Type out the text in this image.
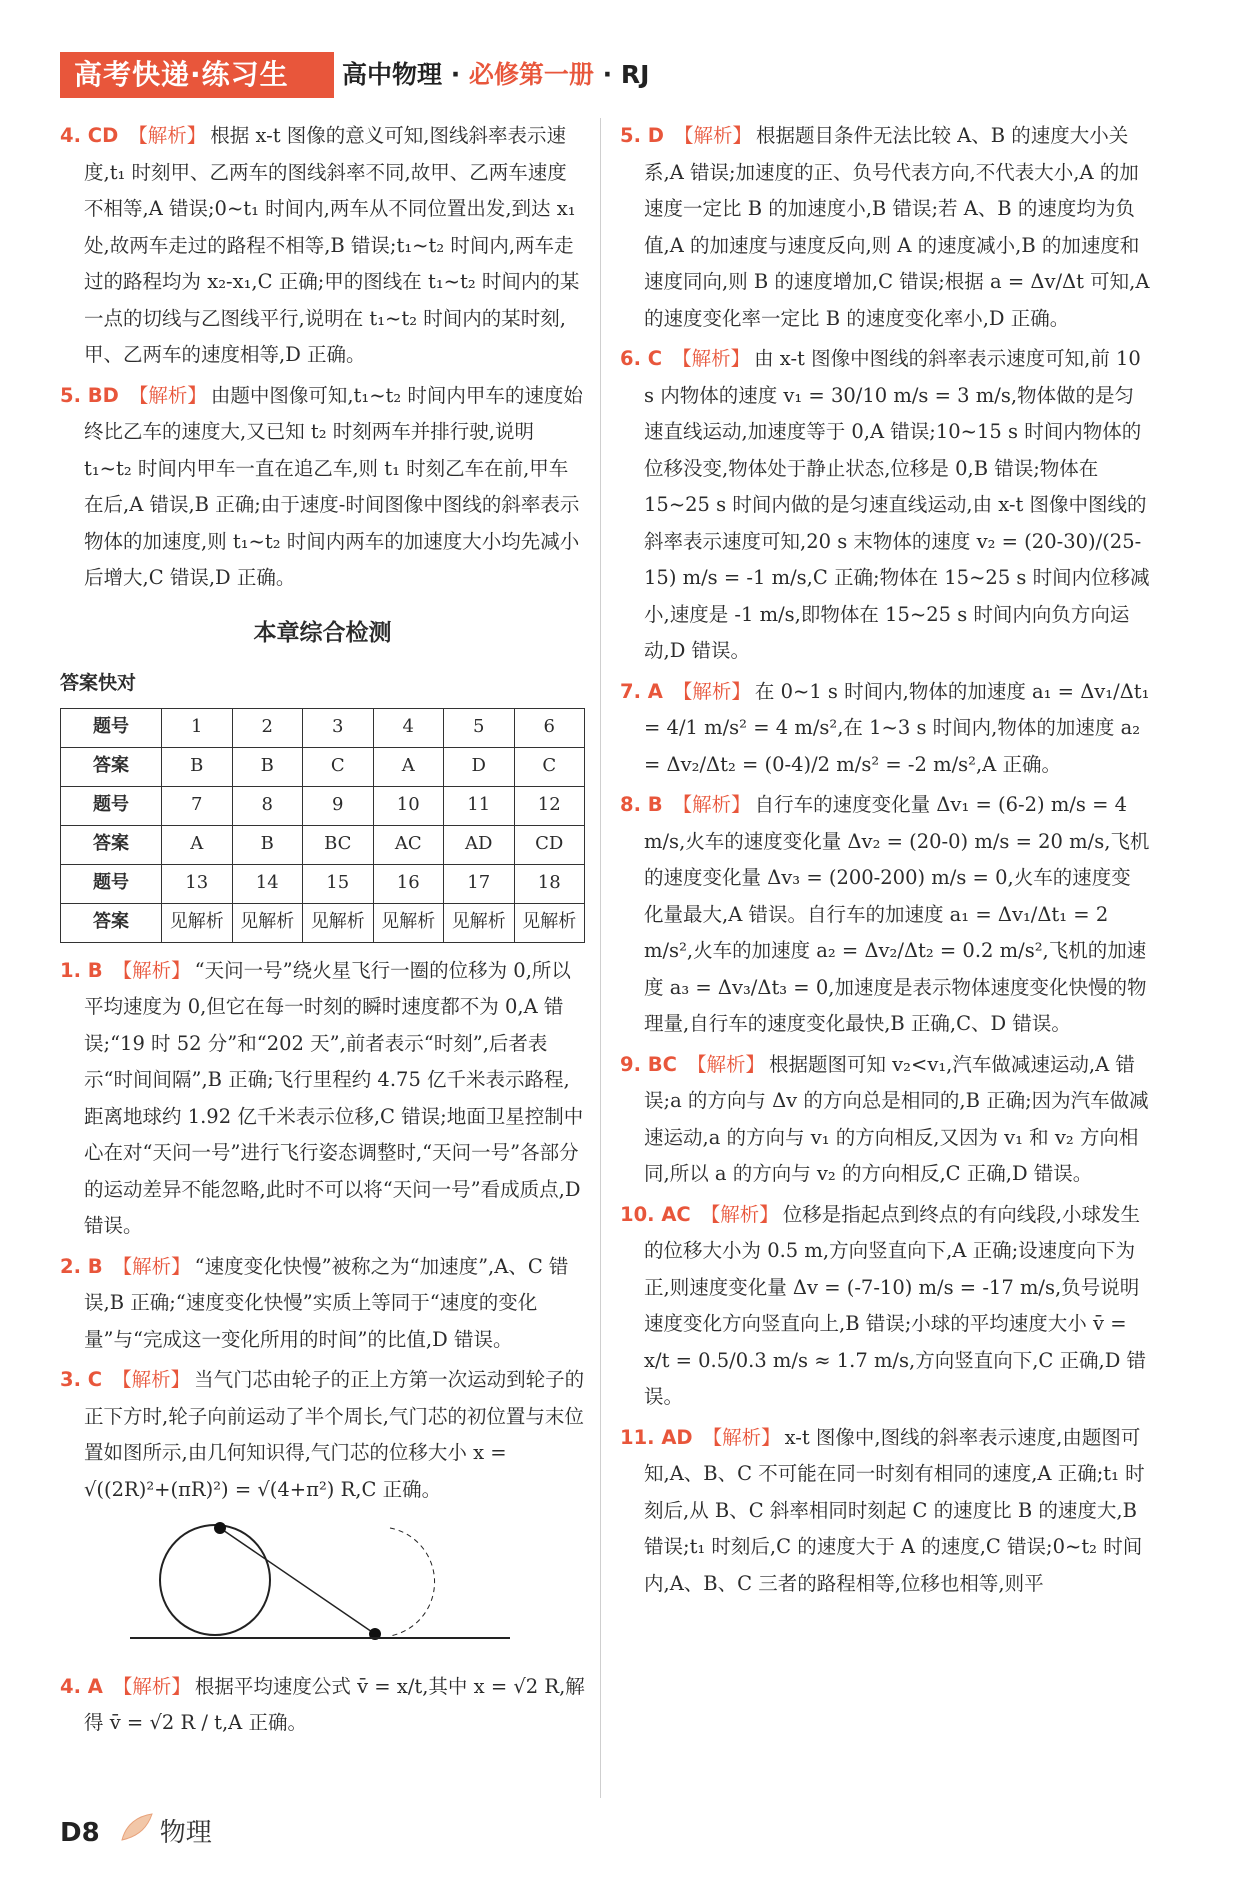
高考快递·练习生	高中物理 · 必修第一册 · RJ
4. CD 【解析】 根据 x-t 图像的意义可知,图线斜率表示速度,t₁ 时刻甲、乙两车的图线斜率不同,故甲、乙两车速度不相等,A 错误;0~t₁ 时间内,两车从不同位置出发,到达 x₁ 处,故两车走过的路程不相等,B 错误;t₁~t₂ 时间内,两车走过的路程均为 x₂-x₁,C 正确;甲的图线在 t₁~t₂ 时间内的某一点的切线与乙图线平行,说明在 t₁~t₂ 时间内的某时刻,甲、乙两车的速度相等,D 正确。
5. BD 【解析】 由题中图像可知,t₁~t₂ 时间内甲车的速度始终比乙车的速度大,又已知 t₂ 时刻两车并排行驶,说明 t₁~t₂ 时间内甲车一直在追乙车,则 t₁ 时刻乙车在前,甲车在后,A 错误,B 正确;由于速度-时间图像中图线的斜率表示物体的加速度,则 t₁~t₂ 时间内两车的加速度大小均先减小后增大,C 错误,D 正确。
本章综合检测
答案快对
题号	1	2	3	4	5	6
答案	B	B	C	A	D	C
题号	7	8	9	10	11	12
答案	A	B	BC	AC	AD	CD
题号	13	14	15	16	17	18
答案	见解析	见解析	见解析	见解析	见解析	见解析
1. B 【解析】 “天问一号”绕火星飞行一圈的位移为 0,所以平均速度为 0,但它在每一时刻的瞬时速度都不为 0,A 错误;“19 时 52 分”和“202 天”,前者表示“时刻”,后者表示“时间间隔”,B 正确;飞行里程约 4.75 亿千米表示路程,距离地球约 1.92 亿千米表示位移,C 错误;地面卫星控制中心在对“天问一号”进行飞行姿态调整时,“天问一号”各部分的运动差异不能忽略,此时不可以将“天问一号”看成质点,D 错误。
2. B 【解析】 “速度变化快慢”被称之为“加速度”,A、C 错误,B 正确;“速度变化快慢”实质上等同于“速度的变化量”与“完成这一变化所用的时间”的比值,D 错误。
3. C 【解析】 当气门芯由轮子的正上方第一次运动到轮子的正下方时,轮子向前运动了半个周长,气门芯的初位置与末位置如图所示,由几何知识得,气门芯的位移大小 x = √((2R)²+(πR)²) = √(4+π²) R,C 正确。
4. A 【解析】 根据平均速度公式 v̄ = x/t,其中 x = √2 R,解得 v̄ = √2 R / t,A 正确。
5. D 【解析】 根据题目条件无法比较 A、B 的速度大小关系,A 错误;加速度的正、负号代表方向,不代表大小,A 的加速度一定比 B 的加速度小,B 错误;若 A、B 的速度均为负值,A 的加速度与速度反向,则 A 的速度减小,B 的加速度和速度同向,则 B 的速度增加,C 错误;根据 a = Δv/Δt 可知,A 的速度变化率一定比 B 的速度变化率小,D 正确。
6. C 【解析】 由 x-t 图像中图线的斜率表示速度可知,前 10 s 内物体的速度 v₁ = 30/10 m/s = 3 m/s,物体做的是匀速直线运动,加速度等于 0,A 错误;10~15 s 时间内物体的位移没变,物体处于静止状态,位移是 0,B 错误;物体在 15~25 s 时间内做的是匀速直线运动,由 x-t 图像中图线的斜率表示速度可知,20 s 末物体的速度 v₂ = (20-30)/(25-15) m/s = -1 m/s,C 正确;物体在 15~25 s 时间内位移减小,速度是 -1 m/s,即物体在 15~25 s 时间内向负方向运动,D 错误。
7. A 【解析】 在 0~1 s 时间内,物体的加速度 a₁ = Δv₁/Δt₁ = 4/1 m/s² = 4 m/s²,在 1~3 s 时间内,物体的加速度 a₂ = Δv₂/Δt₂ = (0-4)/2 m/s² = -2 m/s²,A 正确。
8. B 【解析】 自行车的速度变化量 Δv₁ = (6-2) m/s = 4 m/s,火车的速度变化量 Δv₂ = (20-0) m/s = 20 m/s,飞机的速度变化量 Δv₃ = (200-200) m/s = 0,火车的速度变化量最大,A 错误。自行车的加速度 a₁ = Δv₁/Δt₁ = 2 m/s²,火车的加速度 a₂ = Δv₂/Δt₂ = 0.2 m/s²,飞机的加速度 a₃ = Δv₃/Δt₃ = 0,加速度是表示物体速度变化快慢的物理量,自行车的速度变化最快,B 正确,C、D 错误。
9. BC 【解析】 根据题图可知 v₂<v₁,汽车做减速运动,A 错误;a 的方向与 Δv 的方向总是相同的,B 正确;因为汽车做减速运动,a 的方向与 v₁ 的方向相反,又因为 v₁ 和 v₂ 方向相同,所以 a 的方向与 v₂ 的方向相反,C 正确,D 错误。
10. AC 【解析】 位移是指起点到终点的有向线段,小球发生的位移大小为 0.5 m,方向竖直向下,A 正确;设速度向下为正,则速度变化量 Δv = (-7-10) m/s = -17 m/s,负号说明速度变化方向竖直向上,B 错误;小球的平均速度大小 v̄ = x/t = 0.5/0.3 m/s ≈ 1.7 m/s,方向竖直向下,C 正确,D 错误。
11. AD 【解析】 x-t 图像中,图线的斜率表示速度,由题图可知,A、B、C 不可能在同一时刻有相同的速度,A 正确;t₁ 时刻后,从 B、C 斜率相同时刻起 C 的速度比 B 的速度大,B 错误;t₁ 时刻后,C 的速度大于 A 的速度,C 错误;0~t₂ 时间内,A、B、C 三者的路程相等,位移也相等,则平
D8 物理
